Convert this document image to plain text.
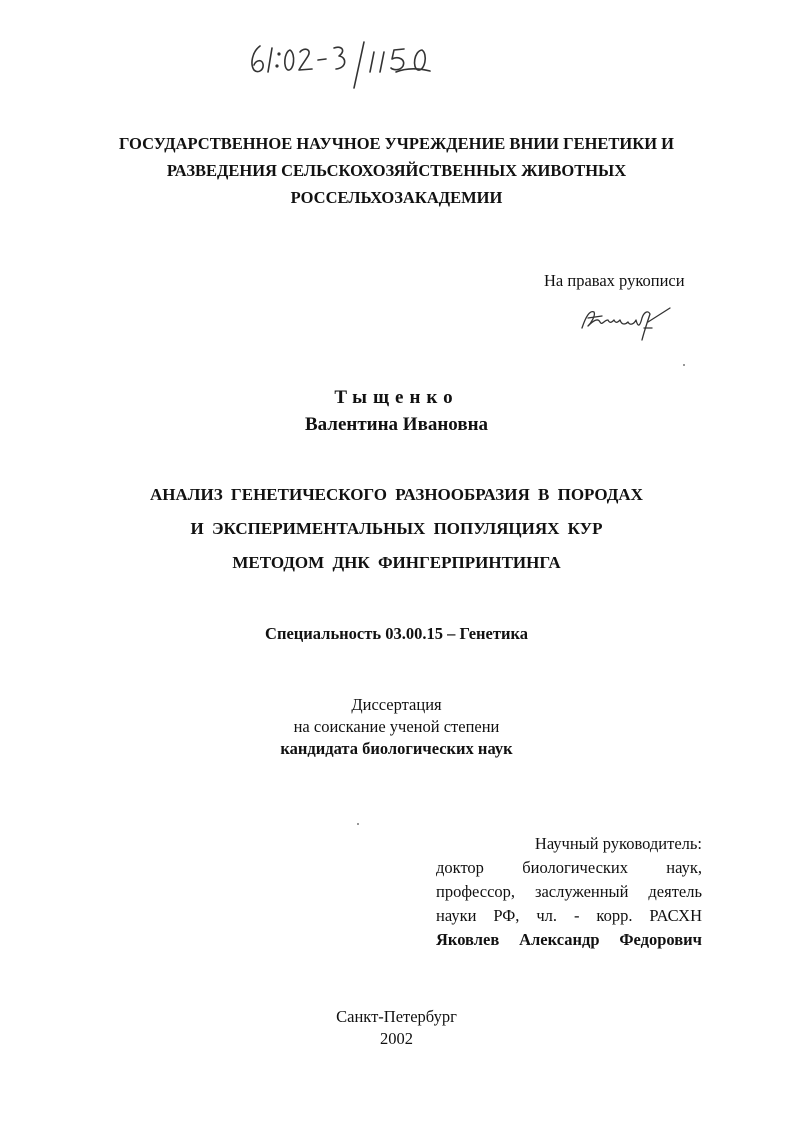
ГОСУДАРСТВЕННОЕ НАУЧНОЕ УЧРЕЖДЕНИЕ ВНИИ ГЕНЕТИКИ И
РАЗВЕДЕНИЯ СЕЛЬСКОХОЗЯЙСТВЕННЫХ ЖИВОТНЫХ
РОССЕЛЬХОЗАКАДЕМИИ
На правах рукописи
Тыщенко
Валентина Ивановна
АНАЛИЗ ГЕНЕТИЧЕСКОГО РАЗНООБРАЗИЯ В ПОРОДАХ
И ЭКСПЕРИМЕНТАЛЬНЫХ ПОПУЛЯЦИЯХ КУР
МЕТОДОМ ДНК ФИНГЕРПРИНТИНГА
Специальность 03.00.15 – Генетика
Диссертация
на соискание ученой степени
кандидата биологических наук
Научный руководитель:
доктор биологических наук,
профессор, заслуженный деятель
науки РФ, чл. - корр. РАСХН
Яковлев Александр Федорович
Санкт-Петербург
2002
